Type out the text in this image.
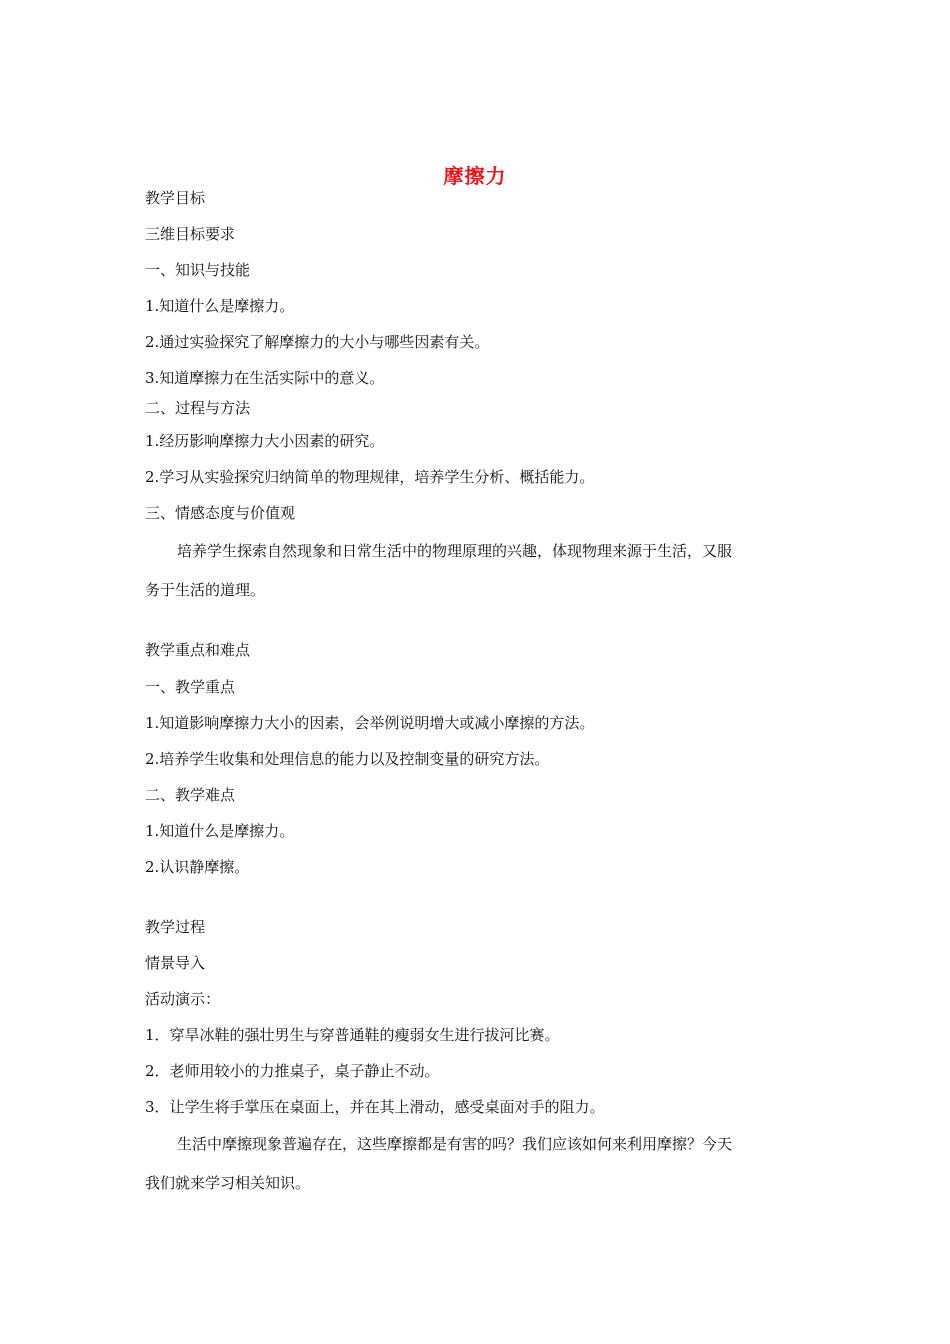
摩擦力
教学目标
三维目标要求
一、知识与技能
1.知道什么是摩擦力。
2.通过实验探究了解摩擦力的大小与哪些因素有关。
3.知道摩擦力在生活实际中的意义。
二、过程与方法
1.经历影响摩擦力大小因素的研究。
2.学习从实验探究归纳简单的物理规律，培养学生分析、概括能力。
三、情感态度与价值观
培养学生探索自然现象和日常生活中的物理原理的兴趣，体现物理来源于生活，又服
务于生活的道理。
教学重点和难点
一、教学重点
1.知道影响摩擦力大小的因素，会举例说明增大或减小摩擦的方法。
2.培养学生收集和处理信息的能力以及控制变量的研究方法。
二、教学难点
1.知道什么是摩擦力。
2.认识静摩擦。
教学过程
情景导入
活动演示：
1．穿旱冰鞋的强壮男生与穿普通鞋的瘦弱女生进行拔河比赛。
2．老师用较小的力推桌子，桌子静止不动。
3．让学生将手掌压在桌面上，并在其上滑动，感受桌面对手的阻力。
生活中摩擦现象普遍存在，这些摩擦都是有害的吗？我们应该如何来利用摩擦？今天
我们就来学习相关知识。
